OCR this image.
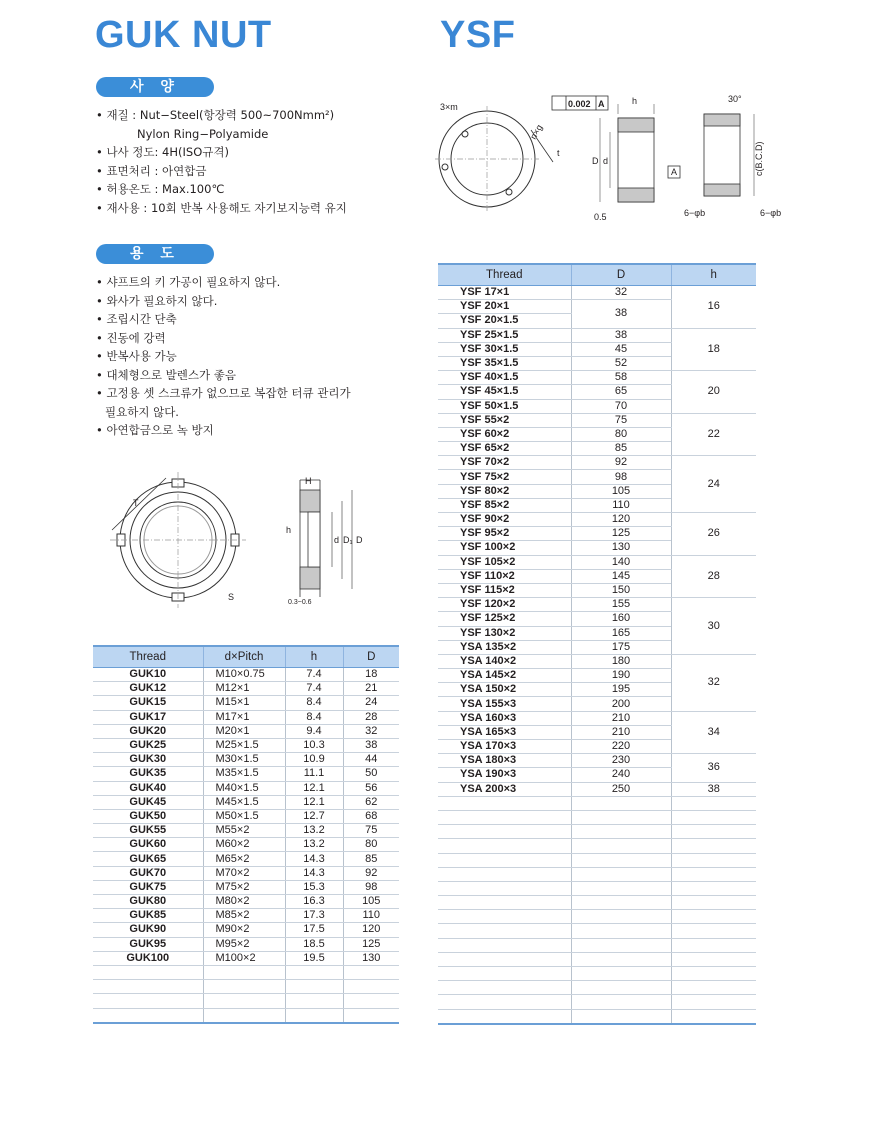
GUK NUT	YSF
사 양
• 재질 : Nut−Steel(항장력 500~700Nmm²)
Nylon Ring−Polyamide
• 나사 정도: 4H(ISO규격)
• 표면처리 : 아연합금
• 허용온도 : Max.100℃
• 재사용 : 10회 반복 사용해도 자기보지능력 유지
용 도
• 샤프트의 키 가공이 필요하지 않다.
• 와사가 필요하지 않다.
• 조립시간 단축
• 진동에 강력
• 반복사용 가능
• 대체형으로 발렌스가 좋음
• 고정용 셋 스크류가 없으므로 복잡한 터큐 관리가
필요하지 않다.
• 아연합금으로 녹 방지
T
S
H
h
d D₁ D
0.3~0.6
3×m
n×g
t
0.002 A	h
D d
0.5
A
30°
c(B.C.D)
6−φb	6−φb
Thread	d×Pitch	h	D
GUK10	M10×0.75	7.4	18
GUK12	M12×1	7.4	21
GUK15	M15×1	8.4	24
GUK17	M17×1	8.4	28
GUK20	M20×1	9.4	32
GUK25	M25×1.5	10.3	38
GUK30	M30×1.5	10.9	44
GUK35	M35×1.5	11.1	50
GUK40	M40×1.5	12.1	56
GUK45	M45×1.5	12.1	62
GUK50	M50×1.5	12.7	68
GUK55	M55×2	13.2	75
GUK60	M60×2	13.2	80
GUK65	M65×2	14.3	85
GUK70	M70×2	14.3	92
GUK75	M75×2	15.3	98
GUK80	M80×2	16.3	105
GUK85	M85×2	17.3	110
GUK90	M90×2	17.5	120
GUK95	M95×2	18.5	125
GUK100	M100×2	19.5	130

Thread	D	h
YSF 17×1	32	16
YSF 20×1	38	
YSF 20×1.5		
YSF 25×1.5	38	18
YSF 30×1.5	45	
YSF 35×1.5	52	
YSF 40×1.5	58	20
YSF 45×1.5	65	
YSF 50×1.5	70	
YSF 55×2	75	22
YSF 60×2	80	
YSF 65×2	85	
YSF 70×2	92	24
YSF 75×2	98	
YSF 80×2	105	
YSF 85×2	110	
YSF 90×2	120	26
YSF 95×2	125	
YSF 100×2	130	
YSF 105×2	140	28
YSF 110×2	145	
YSF 115×2	150	
YSF 120×2	155	30
YSF 125×2	160	
YSF 130×2	165	
YSA 135×2	175	
YSA 140×2	180	32
YSA 145×2	190	
YSA 150×2	195	
YSA 155×3	200	
YSA 160×3	210	34
YSA 165×3	210	
YSA 170×3	220	
YSA 180×3	230	36
YSA 190×3	240	
YSA 200×3	250	38
